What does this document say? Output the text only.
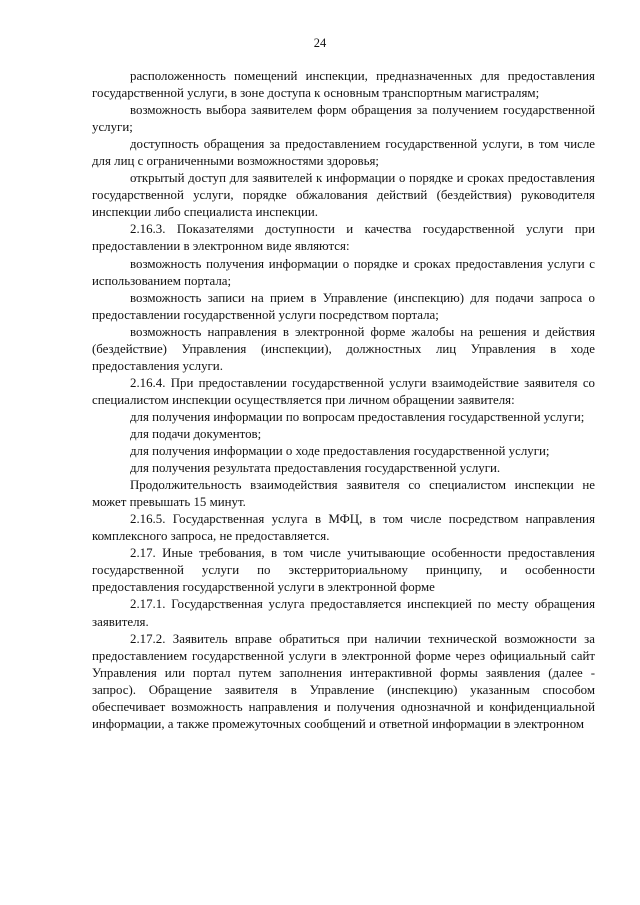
24

расположенность помещений инспекции, предназначенных для предоставления государственной услуги, в зоне доступа к основным транспортным магистралям;

возможность выбора заявителем форм обращения за получением государственной услуги;

доступность обращения за предоставлением государственной услуги, в том числе для лиц с ограниченными возможностями здоровья;

открытый доступ для заявителей к информации о порядке и сроках предоставления государственной услуги, порядке обжалования действий (бездействия) руководителя инспекции либо специалиста инспекции.

2.16.3. Показателями доступности и качества государственной услуги при предоставлении в электронном виде являются:

возможность получения информации о порядке и сроках предоставления услуги с использованием портала;

возможность записи на прием в Управление (инспекцию) для подачи запроса о предоставлении государственной услуги посредством портала;

возможность направления в электронной форме жалобы на решения и действия (бездействие) Управления (инспекции), должностных лиц Управления в ходе предоставления услуги.

2.16.4. При предоставлении государственной услуги взаимодействие заявителя со специалистом инспекции осуществляется при личном обращении заявителя:

для получения информации по вопросам предоставления государственной услуги;

для подачи документов;

для получения информации о ходе предоставления государственной услуги;

для получения результата предоставления государственной услуги.

Продолжительность взаимодействия заявителя со специалистом инспекции не может превышать 15 минут.

2.16.5. Государственная услуга в МФЦ, в том числе посредством направления комплексного запроса, не предоставляется.

2.17. Иные требования, в том числе учитывающие особенности предоставления государственной услуги по экстерриториальному принципу, и особенности предоставления государственной услуги в электронной форме

2.17.1. Государственная услуга предоставляется инспекцией по месту обращения заявителя.

2.17.2. Заявитель вправе обратиться при наличии технической возможности за предоставлением государственной услуги в электронной форме через официальный сайт Управления или портал путем заполнения интерактивной формы заявления (далее - запрос). Обращение заявителя в Управление (инспекцию) указанным способом обеспечивает возможность направления и получения однозначной и конфиденциальной информации, а также промежуточных сообщений и ответной информации в электронном
